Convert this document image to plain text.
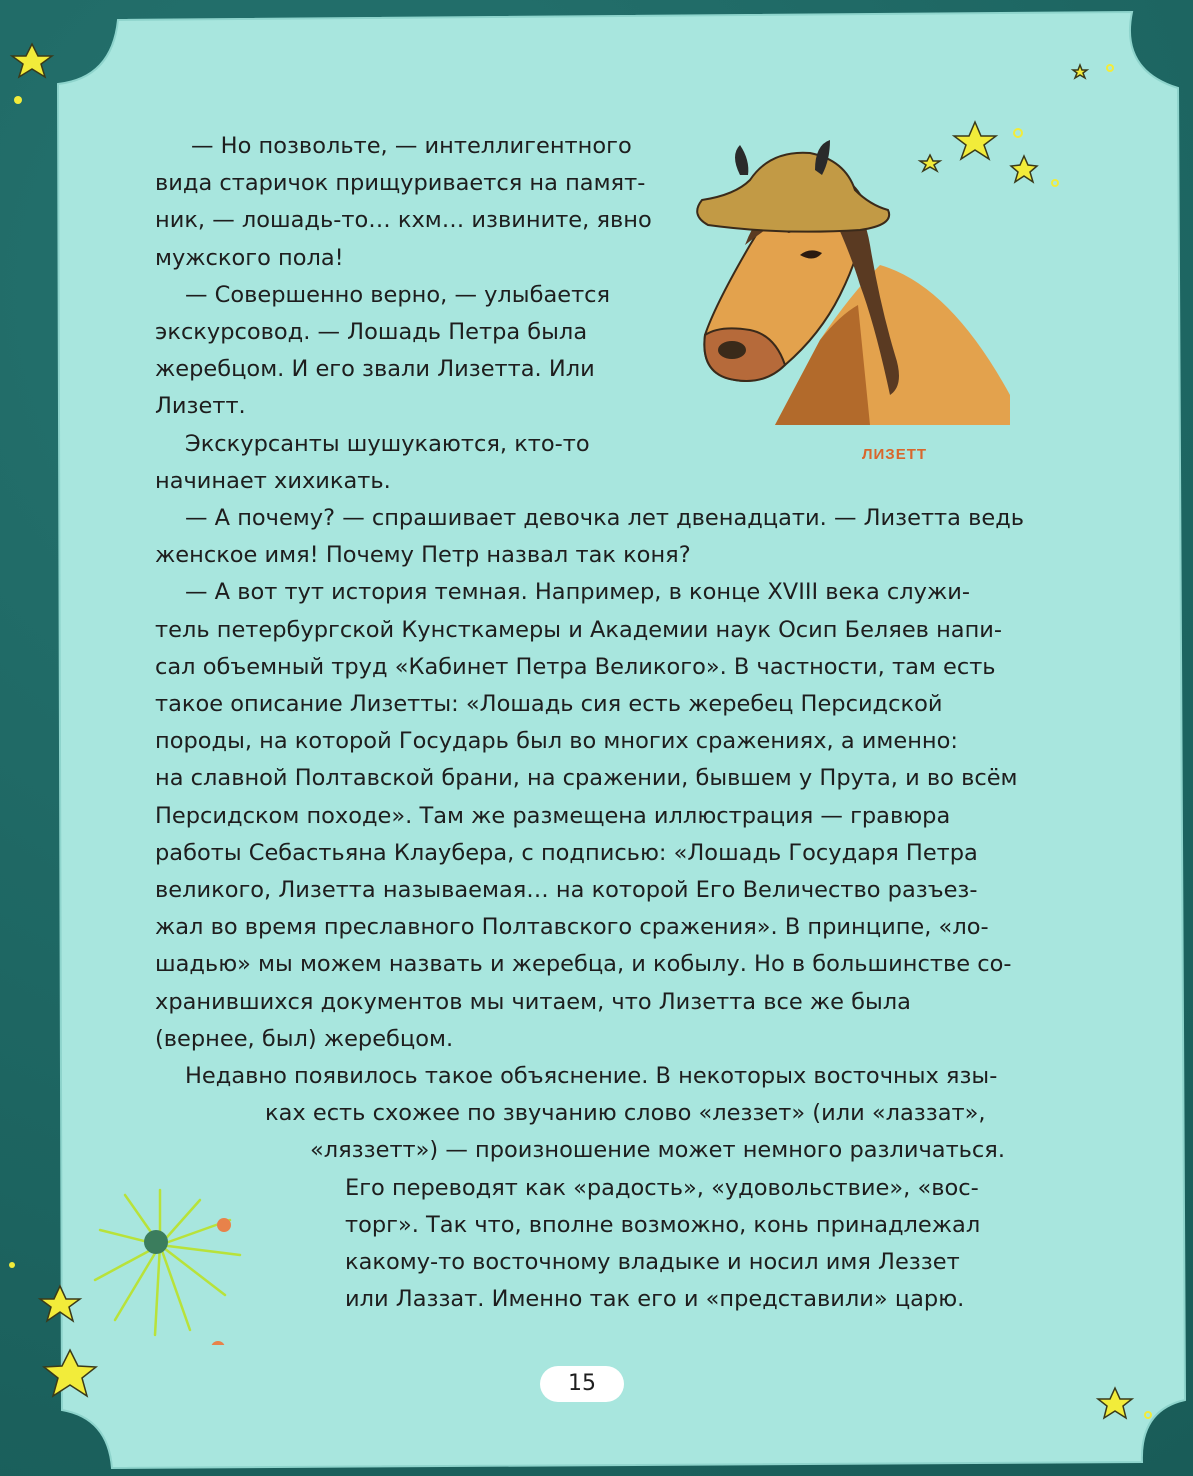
ЛИЗЕТТ
— Но позвольте, — интеллигентного
вида старичок прищуривается на памят-
ник, — лошадь-то… кхм… извините, явно
мужского пола!
— Совершенно верно, — улыбается
экскурсовод. — Лошадь Петра была
жеребцом. И его звали Лизетта. Или
Лизетт.
Экскурсанты шушукаются, кто-то
начинает хихикать.
— А почему? — спрашивает девочка лет двенадцати. — Лизетта ведь
женское имя! Почему Петр назвал так коня?
— А вот тут история темная. Например, в конце XVIII века служи-
тель петербургской Кунсткамеры и Академии наук Осип Беляев напи-
сал объемный труд «Кабинет Петра Великого». В частности, там есть
такое описание Лизетты: «Лошадь сия есть жеребец Персидской
породы, на которой Государь был во многих сражениях, а именно:
на славной Полтавской брани, на сражении, бывшем у Прута, и во всём
Персидском походе». Там же размещена иллюстрация — гравюра
работы Себастьяна Клаубера, с подписью: «Лошадь Государя Петра
великого, Лизетта называемая… на которой Его Величество разъез-
жал во время преславного Полтавского сражения». В принципе, «ло-
шадью» мы можем назвать и жеребца, и кобылу. Но в большинстве со-
хранившихся документов мы читаем, что Лизетта все же была
(вернее, был) жеребцом.
Недавно появилось такое объяснение. В некоторых восточных язы-
ках есть схожее по звучанию слово «леззет» (или «лаззат»,
«ляззетт») — произношение может немного различаться.
Его переводят как «радость», «удовольствие», «вос-
торг». Так что, вполне возможно, конь принадлежал
какому-то восточному владыке и носил имя Леззет
или Лаззат. Именно так его и «представили» царю.
15
